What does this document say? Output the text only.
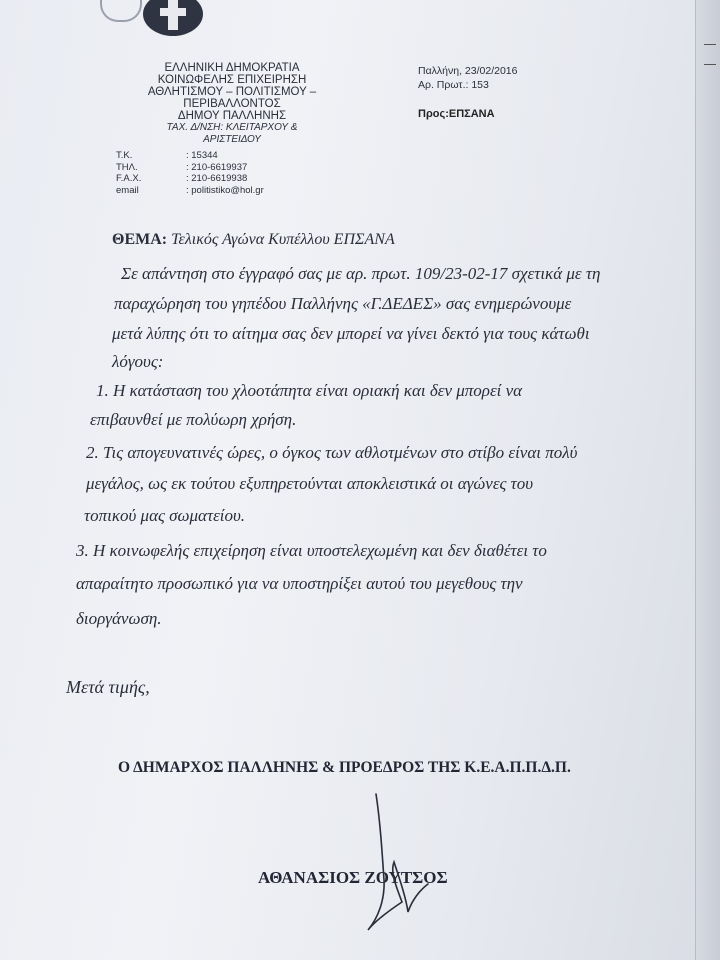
ΕΛΛΗΝΙΚΗ ΔΗΜΟΚΡΑΤΙΑ
ΚΟΙΝΩΦΕΛΗΣ ΕΠΙΧΕΙΡΗΣΗ
ΑΘΛΗΤΙΣΜΟΥ – ΠΟΛΙΤΙΣΜΟΥ –
ΠΕΡΙΒΑΛΛΟΝΤΟΣ
ΔΗΜΟΥ ΠΑΛΛΗΝΗΣ
ΤΑΧ. Δ/ΝΣΗ: ΚΛΕΙΤΑΡΧΟΥ &
ΑΡΙΣΤΕΙΔΟΥ
Τ.Κ.	: 15344
ΤΗΛ.	: 210-6619937
F.A.X.	: 210-6619938
email	: politistiko@hol.gr
Παλλήνη, 23/02/2016
Αρ. Πρωτ.: 153
Προς:ΕΠΣΑΝΑ
ΘΕΜΑ: Τελικός Αγώνα Κυπέλλου ΕΠΣΑΝΑ
Σε απάντηση στο έγγραφό σας με αρ. πρωτ. 109/23-02-17 σχετικά με τη
παραχώρηση του γηπέδου Παλλήνης «Γ.ΔΕΔΕΣ» σας ενημερώνουμε
μετά λύπης ότι το αίτημα σας δεν μπορεί να γίνει δεκτό για τους κάτωθι
λόγους:
1. Η κατάσταση του χλοοτάπητα είναι οριακή και δεν μπορεί να
επιβαυνθεί με πολύωρη χρήση.
2. Τις απογευνατινές ώρες, ο όγκος των αθλοτμένων στο στίβο είναι πολύ
μεγάλος, ως εκ τούτου εξυπηρετούνται αποκλειστικά οι αγώνες του
τοπικού μας σωματείου.
3. Η κοινωφελής επιχείρηση είναι υποστελεχωμένη και δεν διαθέτει το
απαραίτητο προσωπικό για να υποστηρίξει αυτού του μεγεθους την
διοργάνωση.
Μετά τιμής,
Ο ΔΗΜΑΡΧΟΣ ΠΑΛΛΗΝΗΣ & ΠΡΟΕΔΡΟΣ ΤΗΣ Κ.Ε.Α.Π.Π.Δ.Π.
ΑΘΑΝΑΣΙΟΣ ΖΟΥΤΣΟΣ
